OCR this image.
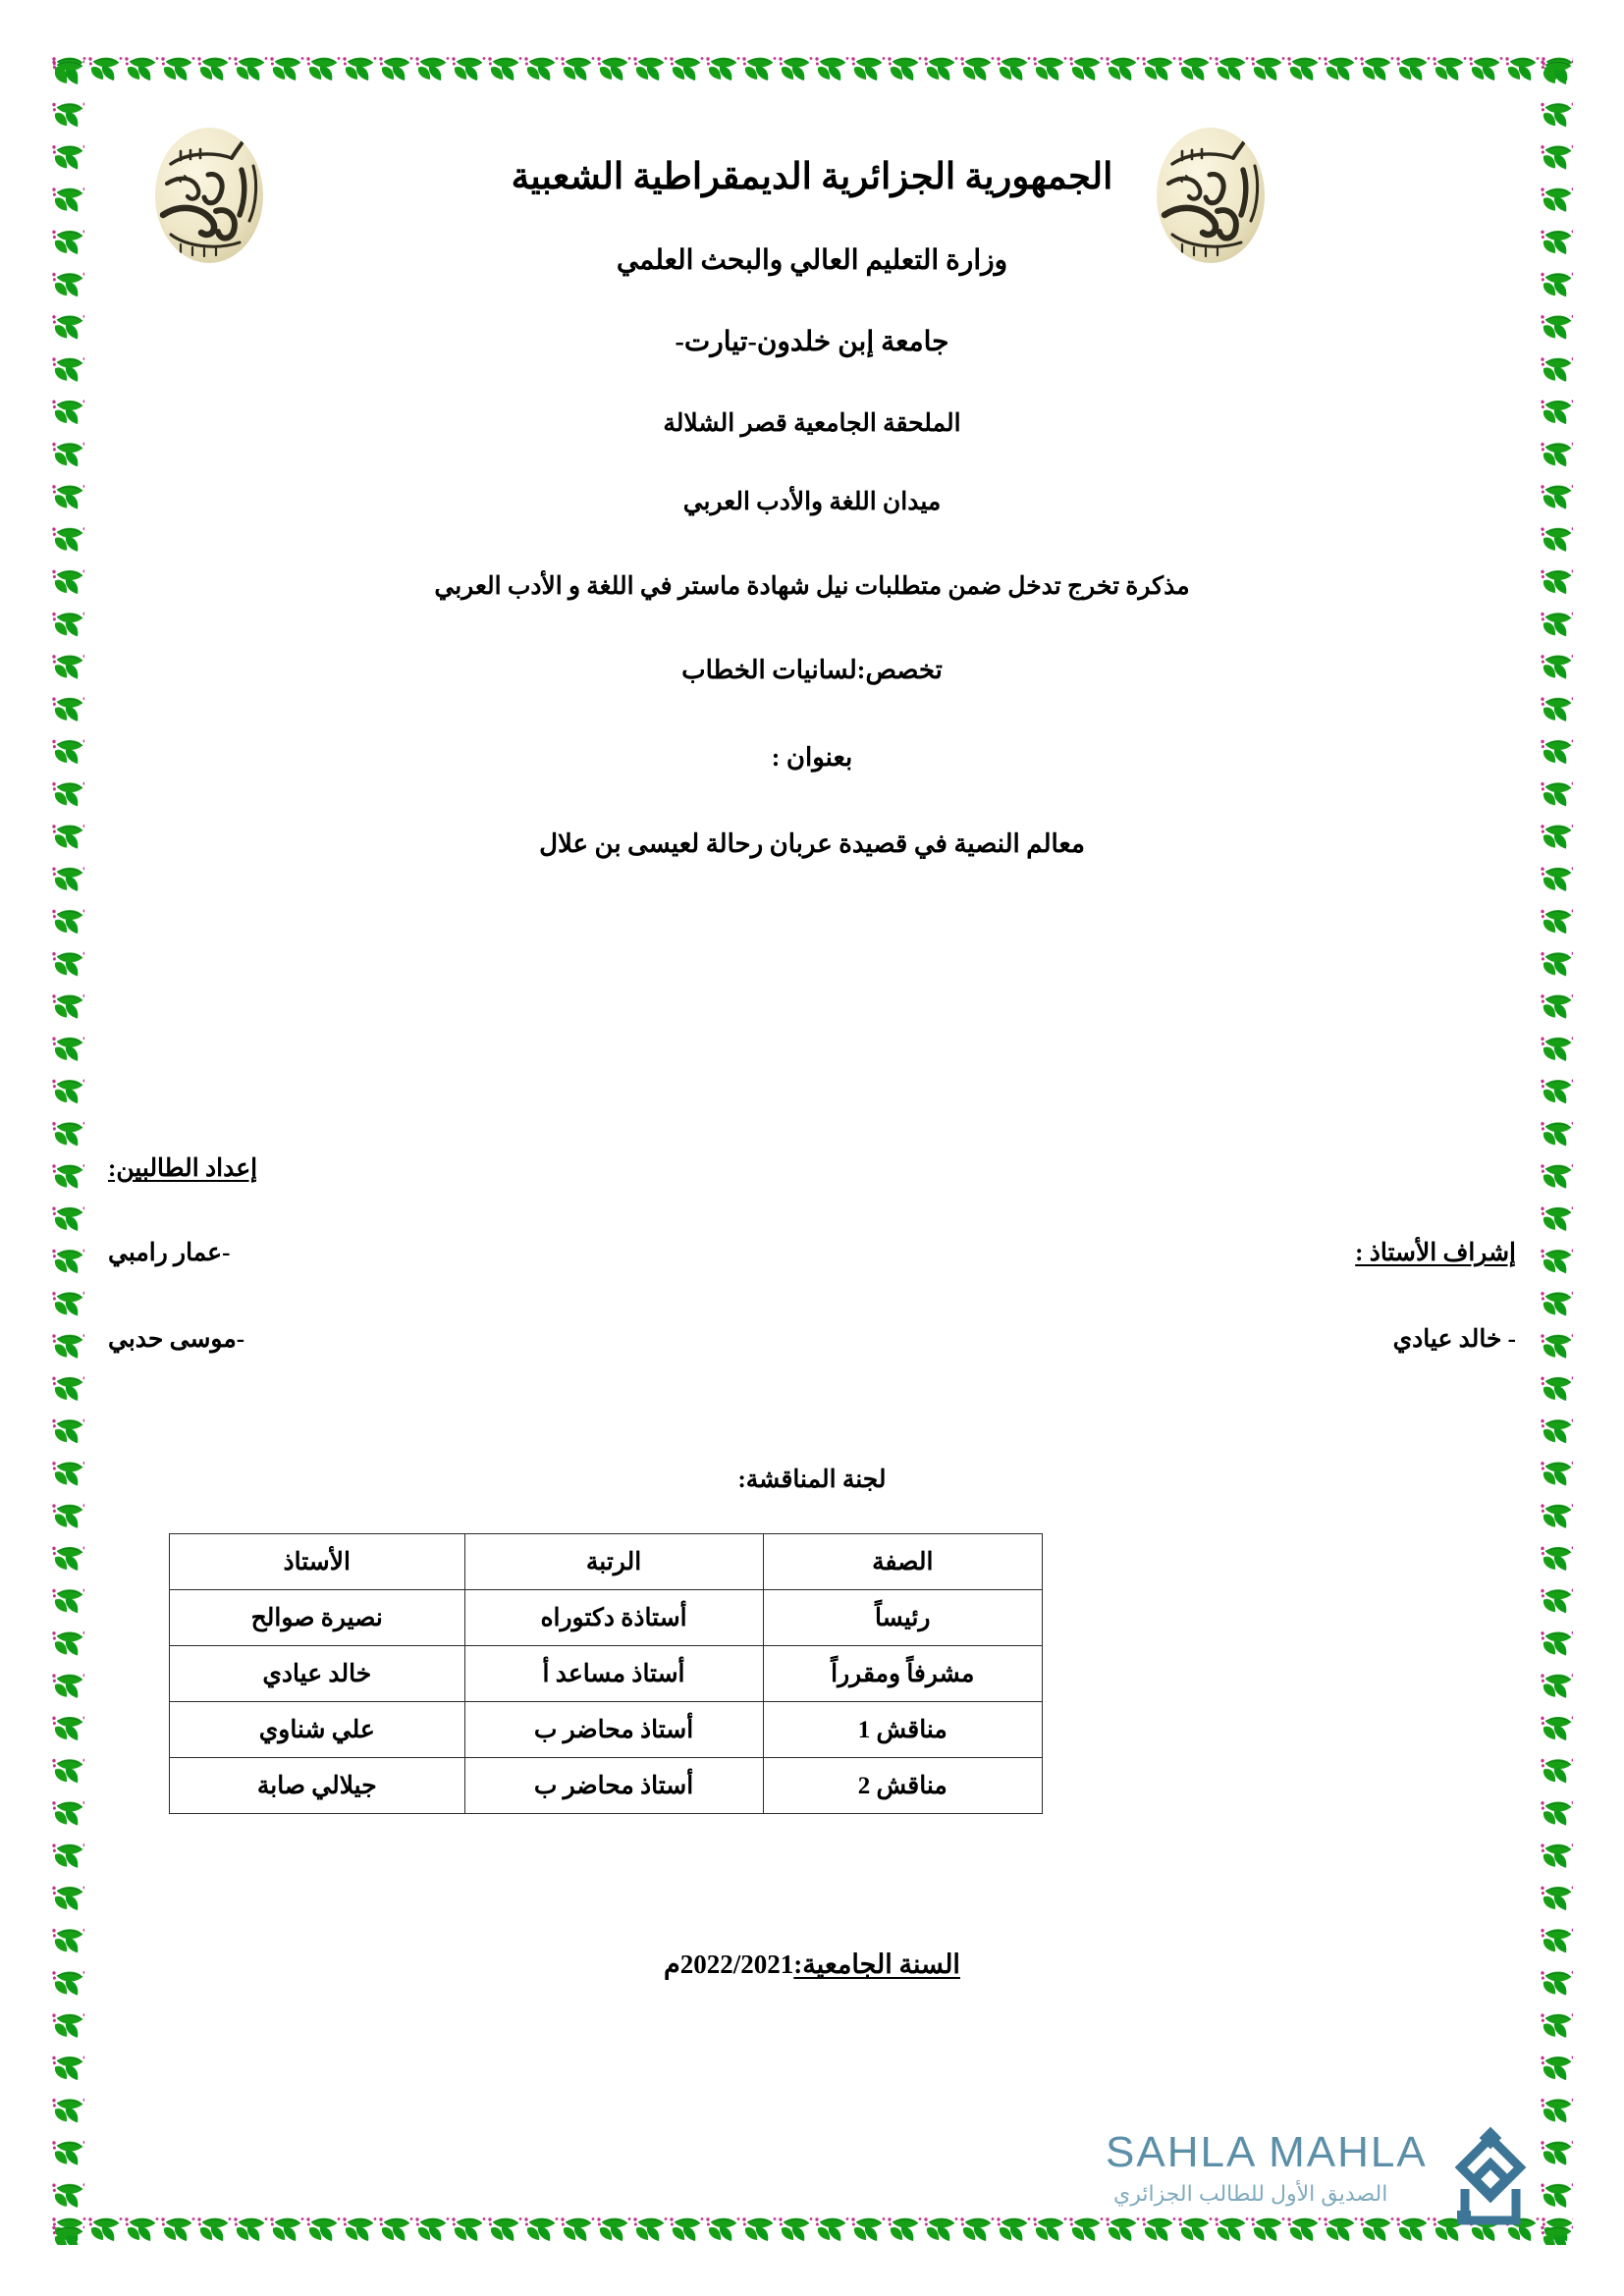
الجمهورية الجزائرية الديمقراطية الشعبية
وزارة التعليم العالي والبحث العلمي
جامعة إبن خلدون-تيارت-
الملحقة الجامعية قصر الشلالة
ميدان اللغة والأدب العربي
مذكرة تخرج تدخل ضمن متطلبات نيل شهادة ماستر في اللغة و الأدب العربي
تخصص:لسانيات الخطاب
بعنوان :
معالم النصية في قصيدة عربان رحالة لعيسى بن علال
إعداد الطالبين:
إشراف الأستاذ :
-عمار رامبي
- خالد عيادي
-موسى حدبي
لجنة المناقشة:
الصفة	الرتبة	الأستاذ
رئيساً	أستاذة دكتوراه	نصيرة صوالح
مشرفاً ومقرراً	أستاذ مساعد أ	خالد عيادي
مناقش 1	أستاذ محاضر ب	علي شناوي
مناقش 2	أستاذ محاضر ب	جيلالي صابة
السنة الجامعية:2022/2021م
SAHLA MAHLA
الصديق الأول للطالب الجزائري
